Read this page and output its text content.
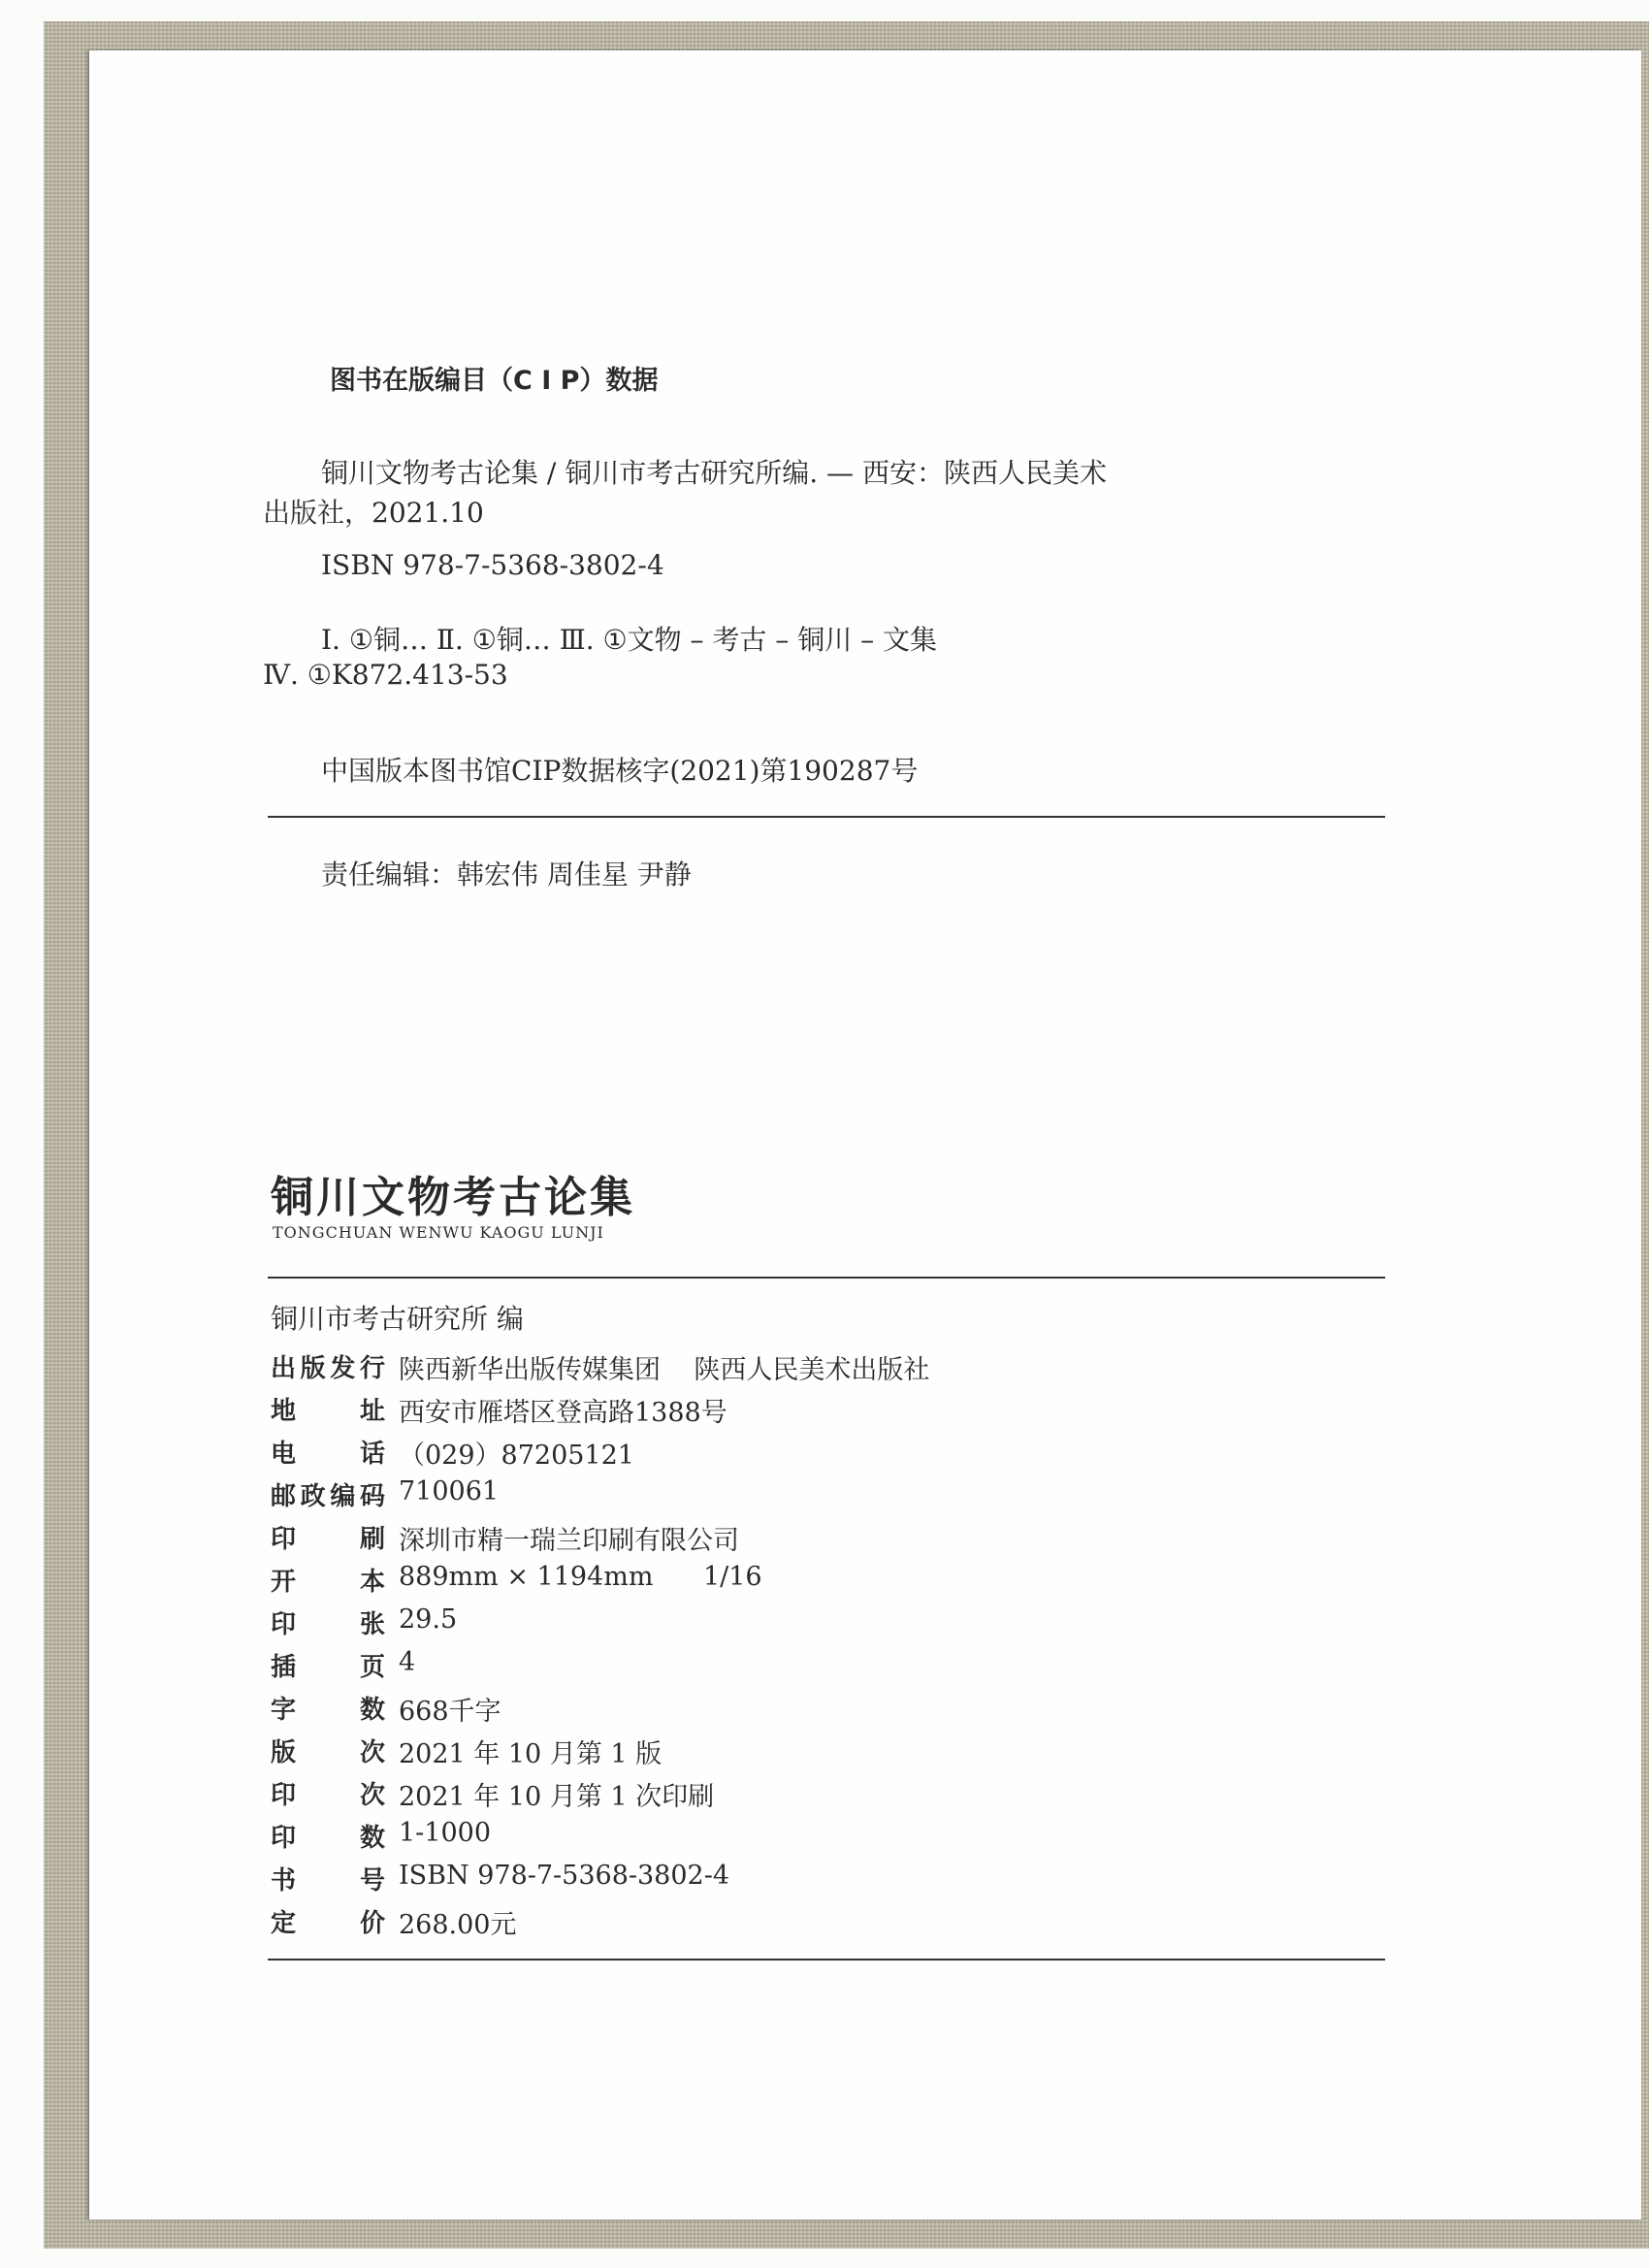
图书在版编目（C I P）数据
铜川文物考古论集 / 铜川市考古研究所编. — 西安：陕西人民美术
出版社，2021.10
ISBN 978-7-5368-3802-4
Ⅰ. ①铜… Ⅱ. ①铜… Ⅲ. ①文物 – 考古 – 铜川 – 文集
Ⅳ. ①K872.413-53
中国版本图书馆CIP数据核字(2021)第190287号
责任编辑：韩宏伟 周佳星 尹静
铜川文物考古论集
TONGCHUAN WENWU KAOGU LUNJI
铜川市考古研究所 编
出 版 发 行 陕西新华出版传媒集团    陕西人民美术出版社
地	址 西安市雁塔区登高路1388号
电	话 （029）87205121
邮 政 编 码 710061
印	刷 深圳市精一瑞兰印刷有限公司
开	本 889mm × 1194mm      1/16
印	张 29.5
插	页 4
字	数 668千字
版	次 2021 年 10 月第 1 版
印	次 2021 年 10 月第 1 次印刷
印	数 1-1000
书	号 ISBN 978-7-5368-3802-4
定	价 268.00元
